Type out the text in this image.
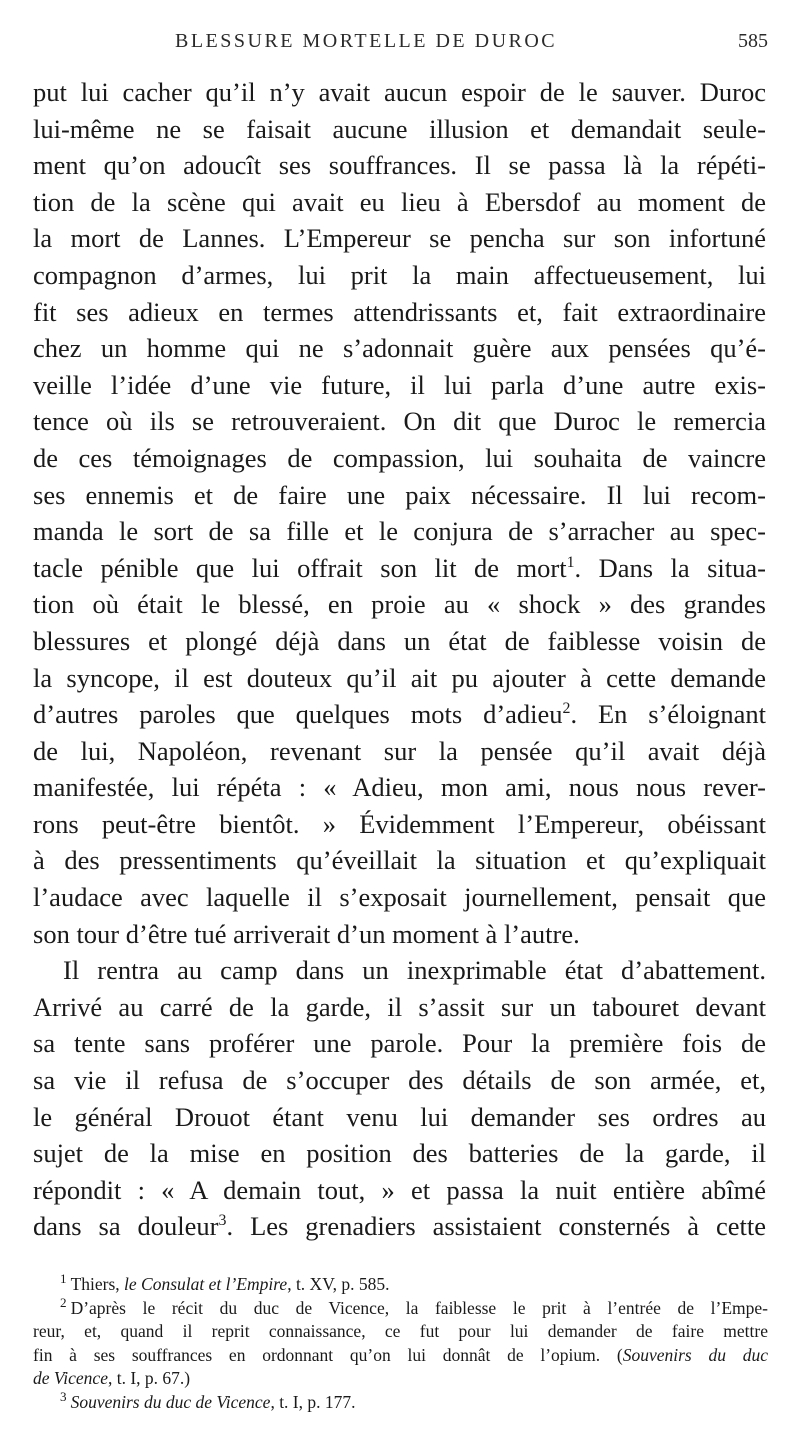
BLESSURE MORTELLE DE DUROC	585
put lui cacher qu’il n’y avait aucun espoir de le sauver. Duroc
lui-même ne se faisait aucune illusion et demandait seule-
ment qu’on adoucît ses souffrances. Il se passa là la répéti-
tion de la scène qui avait eu lieu à Ebersdof au moment de
la mort de Lannes. L’Empereur se pencha sur son infortuné
compagnon d’armes, lui prit la main affectueusement, lui
fit ses adieux en termes attendrissants et, fait extraordinaire
chez un homme qui ne s’adonnait guère aux pensées qu’é-
veille l’idée d’une vie future, il lui parla d’une autre exis-
tence où ils se retrouveraient. On dit que Duroc le remercia
de ces témoignages de compassion, lui souhaita de vaincre
ses ennemis et de faire une paix nécessaire. Il lui recom-
manda le sort de sa fille et le conjura de s’arracher au spec-
tacle pénible que lui offrait son lit de mort$^1$. Dans la situa-
tion où était le blessé, en proie au « shock » des grandes
blessures et plongé déjà dans un état de faiblesse voisin de
la syncope, il est douteux qu’il ait pu ajouter à cette demande
d’autres paroles que quelques mots d’adieu$^2$. En s’éloignant
de lui, Napoléon, revenant sur la pensée qu’il avait déjà
manifestée, lui répéta : « Adieu, mon ami, nous nous rever-
rons peut-être bientôt. » Évidemment l’Empereur, obéissant
à des pressentiments qu’éveillait la situation et qu’expliquait
l’audace avec laquelle il s’exposait journellement, pensait que
son tour d’être tué arriverait d’un moment à l’autre.
Il rentra au camp dans un inexprimable état d’abattement.
Arrivé au carré de la garde, il s’assit sur un tabouret devant
sa tente sans proférer une parole. Pour la première fois de
sa vie il refusa de s’occuper des détails de son armée, et,
le général Drouot étant venu lui demander ses ordres au
sujet de la mise en position des batteries de la garde, il
répondit : « A demain tout, » et passa la nuit entière abîmé
dans sa douleur$^3$. Les grenadiers assistaient consternés à cette
$^1$ Thiers, le Consulat et l’Empire, t. XV, p. 585.
$^2$ D’après le récit du duc de Vicence, la faiblesse le prit à l’entrée de l’Empe-
reur, et, quand il reprit connaissance, ce fut pour lui demander de faire mettre
fin à ses souffrances en ordonnant qu’on lui donnât de l’opium. (Souvenirs du duc
de Vicence, t. I, p. 67.)
$^3$ Souvenirs du duc de Vicence, t. I, p. 177.
